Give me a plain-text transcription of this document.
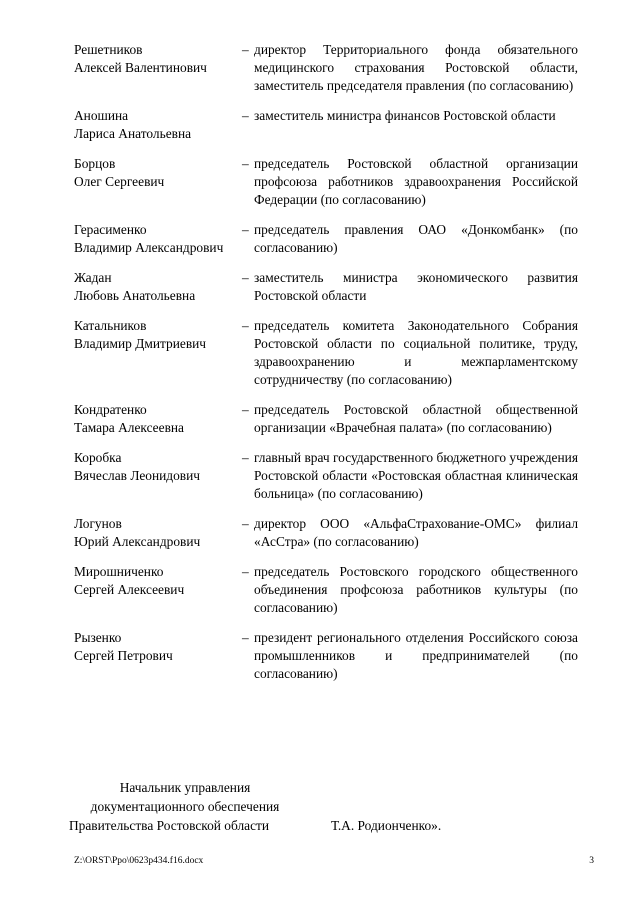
Решетников
Алексей Валентинович
– директор Территориального фонда обязательного медицинского страхования Ростовской области, заместитель председателя правления (по согласованию)
Аношина
Лариса Анатольевна
– заместитель министра финансов Ростовской области
Борцов
Олег Сергеевич
– председатель Ростовской областной организации профсоюза работников здравоохранения Российской Федерации (по согласованию)
Герасименко
Владимир Александрович
– председатель правления ОАО «Донкомбанк» (по согласованию)
Жадан
Любовь Анатольевна
– заместитель министра экономического развития Ростовской области
Катальников
Владимир Дмитриевич
– председатель комитета Законодательного Собрания Ростовской области по социальной политике, труду, здравоохранению и межпарламентскому сотрудничеству (по согласованию)
Кондратенко
Тамара Алексеевна
– председатель Ростовской областной общественной организации «Врачебная палата» (по согласованию)
Коробка
Вячеслав Леонидович
– главный врач государственного бюджетного учреждения Ростовской области «Ростовская областная клиническая больница» (по согласованию)
Логунов
Юрий Александрович
– директор ООО «АльфаСтрахование-ОМС» филиал «АсСтра» (по согласованию)
Мирошниченко
Сергей Алексеевич
– председатель Ростовского городского общественного объединения профсоюза работников культуры (по согласованию)
Рызенко
Сергей Петрович
– президент регионального отделения Российского союза промышленников и предпринимателей (по согласованию)
Начальник управления
документационного обеспечения
Правительства Ростовской области	Т.А. Родионченко».
Z:\ORST\Ppo\0623p434.f16.docx	3
